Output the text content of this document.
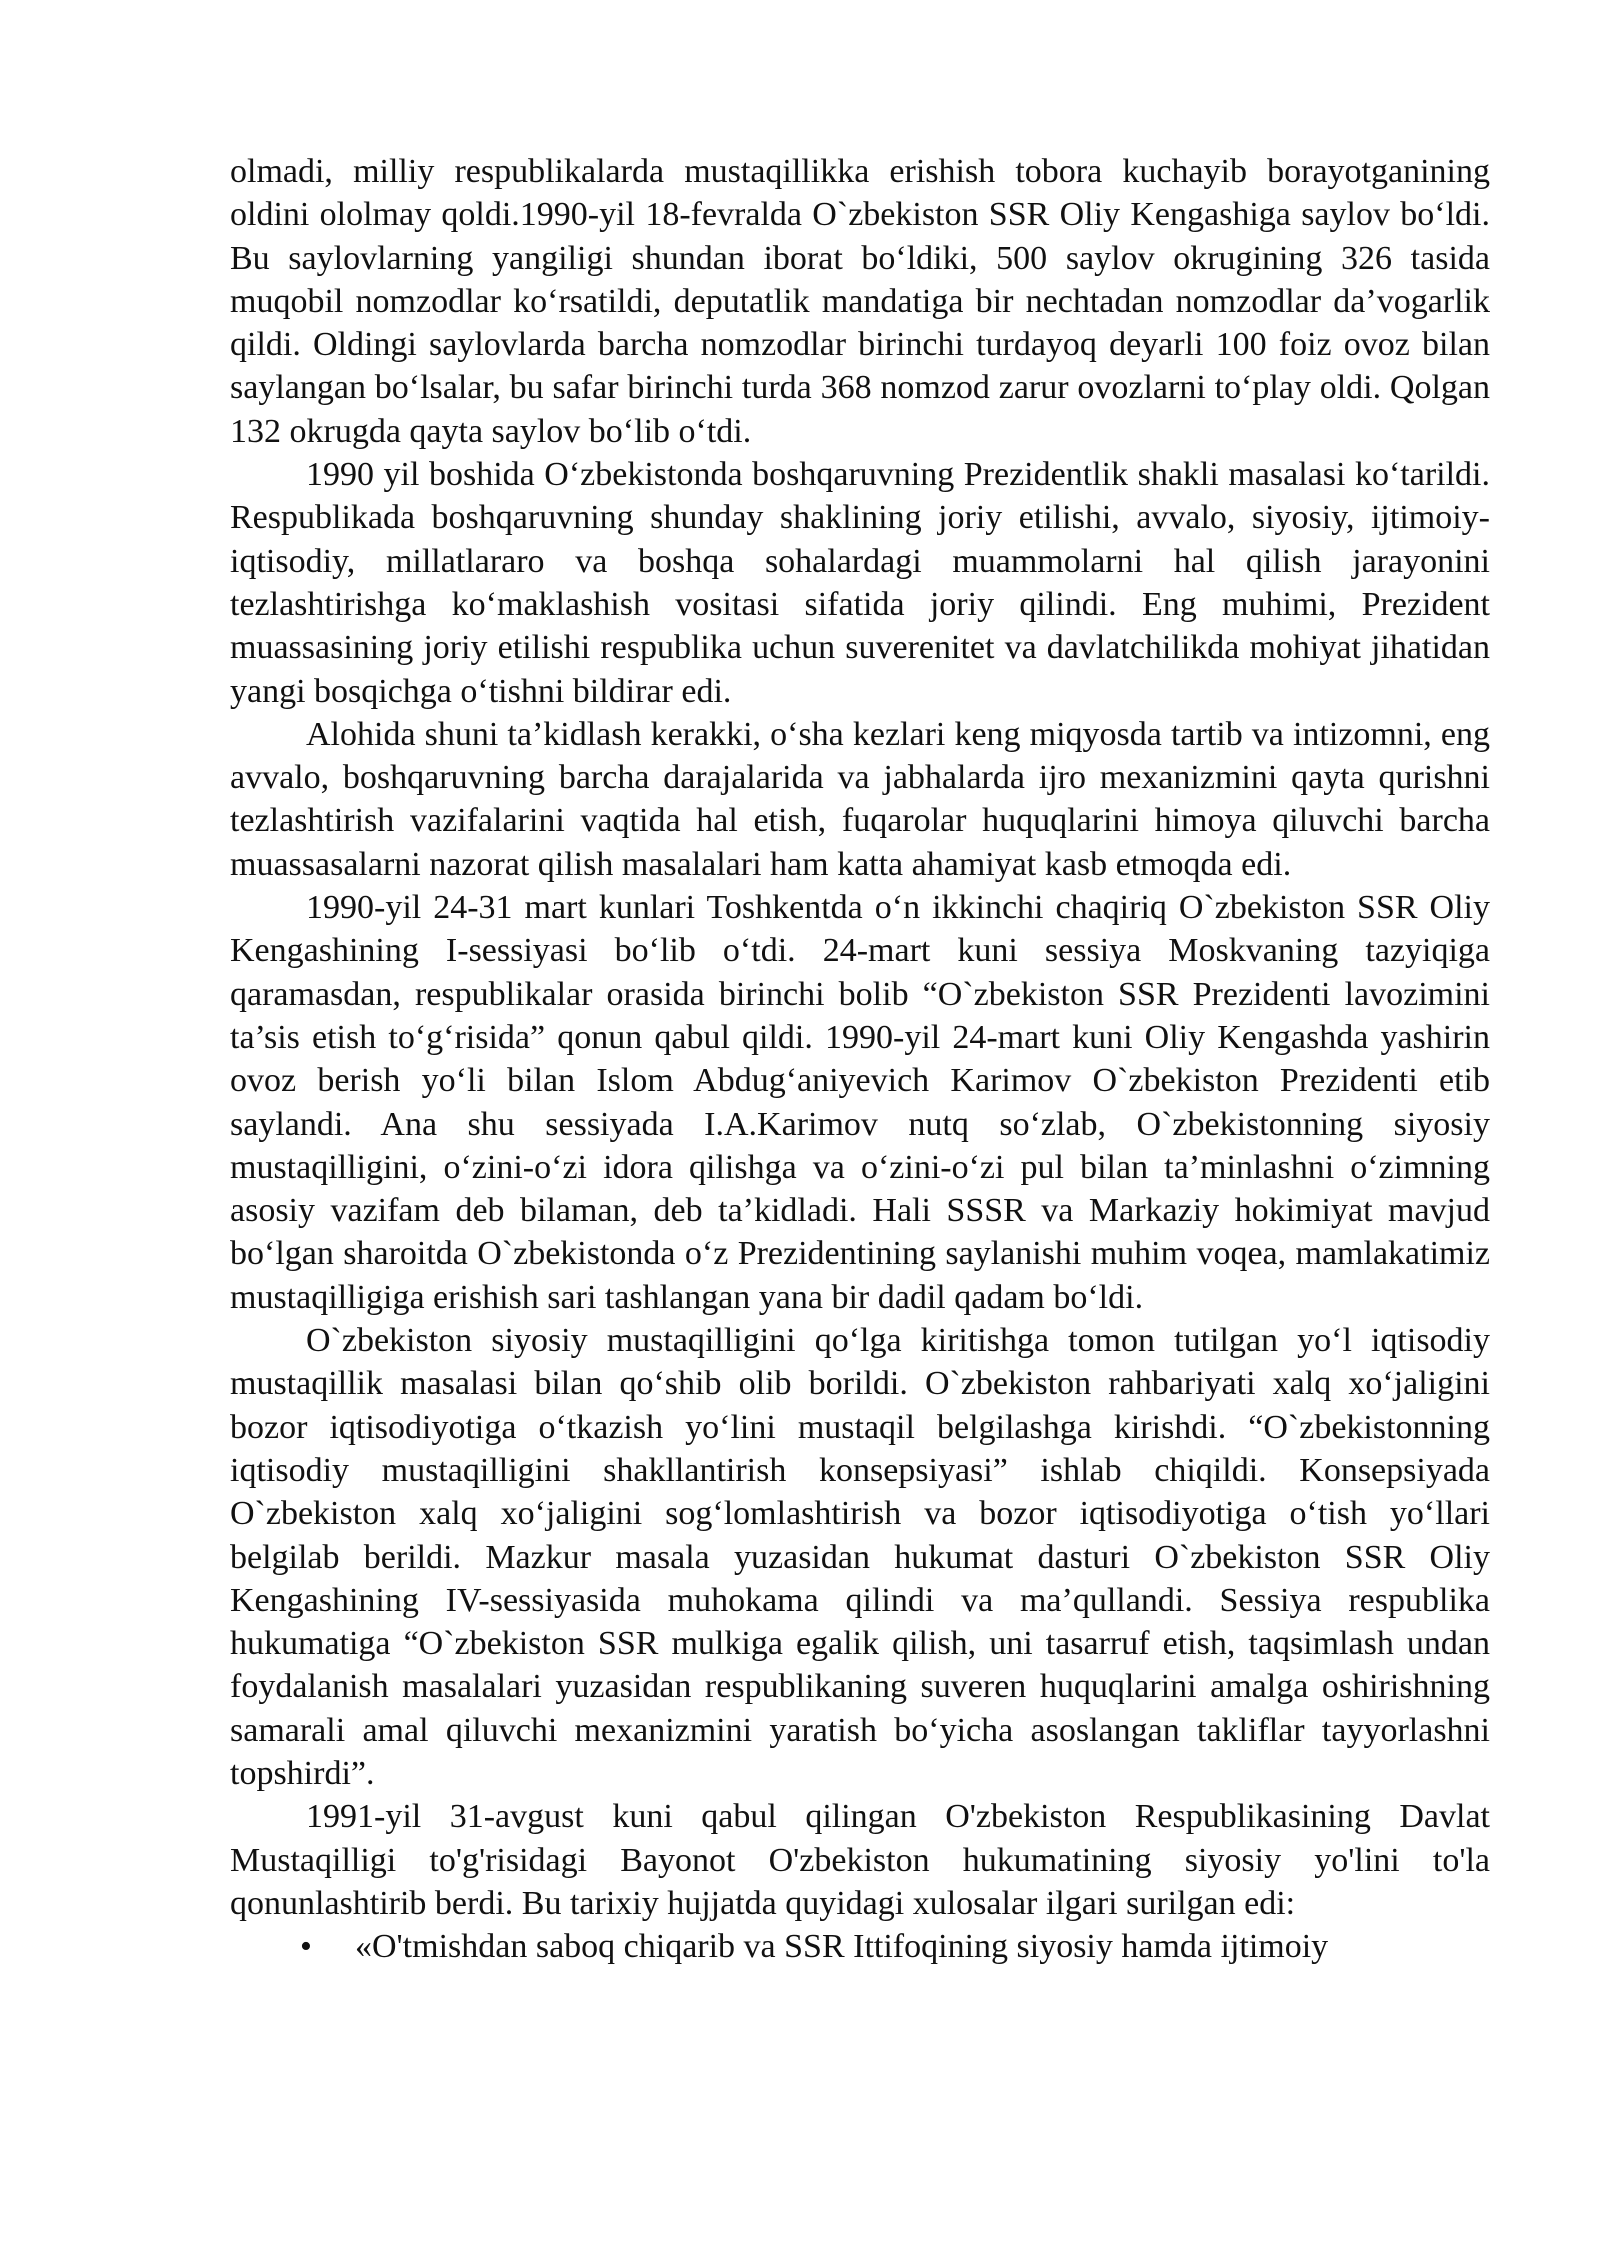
olmadi, milliy respublikalarda mustaqillikka erishish tobora kuchayib borayotganining oldini ololmay qoldi.1990-yil 18-fevralda O`zbekiston SSR Oliy Kengashiga saylov bo‘ldi. Bu saylovlarning yangiligi shundan iborat bo‘ldiki, 500 saylov okrugining 326 tasida muqobil nomzodlar ko‘rsatildi, deputatlik mandatiga bir nechtadan nomzodlar da’vogarlik qildi. Oldingi saylovlarda barcha nomzodlar birinchi turdayoq deyarli 100 foiz ovoz bilan saylangan bo‘lsalar, bu safar birinchi turda 368 nomzod zarur ovozlarni to‘play oldi. Qolgan 132 okrugda qayta saylov bo‘lib o‘tdi.

1990 yil boshida O‘zbekistonda boshqaruvning Prezidentlik shakli masalasi ko‘tarildi. Respublikada boshqaruvning shunday shaklining joriy etilishi, avvalo, siyosiy, ijtimoiy-iqtisodiy, millatlararo va boshqa sohalardagi muammolarni hal qilish jarayonini tezlashtirishga ko‘maklashish vositasi sifatida joriy qilindi. Eng muhimi, Prezident muassasining joriy etilishi respublika uchun suverenitet va davlatchilikda mohiyat jihatidan yangi bosqichga o‘tishni bildirar edi.

Alohida shuni ta’kidlash kerakki, o‘sha kezlari keng miqyosda tartib va intizomni, eng avvalo, boshqaruvning barcha darajalarida va jabhalarda ijro mexanizmini qayta qurishni tezlashtirish vazifalarini vaqtida hal etish, fuqarolar huquqlarini himoya qiluvchi barcha muassasalarni nazorat qilish masalalari ham katta ahamiyat kasb etmoqda edi.

1990-yil 24-31 mart kunlari Toshkentda o‘n ikkinchi chaqiriq O`zbekiston SSR Oliy Kengashining I-sessiyasi bo‘lib o‘tdi. 24-mart kuni sessiya Moskvaning tazyiqiga qaramasdan, respublikalar orasida birinchi bolib “O`zbekiston SSR Prezidenti lavozimini ta’sis etish to‘g‘risida” qonun qabul qildi. 1990-yil 24-mart kuni Oliy Kengashda yashirin ovoz berish yo‘li bilan Islom Abdug‘aniyevich Karimov O`zbekiston Prezidenti etib saylandi. Ana shu sessiyada I.A.Karimov nutq so‘zlab, O`zbekistonning siyosiy mustaqilligini, o‘zini-o‘zi idora qilishga va o‘zini-o‘zi pul bilan ta’minlashni o‘zimning asosiy vazifam deb bilaman, deb ta’kidladi. Hali SSSR va Markaziy hokimiyat mavjud bo‘lgan sharoitda O`zbekistonda o‘z Prezidentining saylanishi muhim voqea, mamlakatimiz mustaqilligiga erishish sari tashlangan yana bir dadil qadam bo‘ldi.

O`zbekiston siyosiy mustaqilligini qo‘lga kiritishga tomon tutilgan yo‘l iqtisodiy mustaqillik masalasi bilan qo‘shib olib borildi. O`zbekiston rahbariyati xalq xo‘jaligini bozor iqtisodiyotiga o‘tkazish yo‘lini mustaqil belgilashga kirishdi. “O`zbekistonning iqtisodiy mustaqilligini shakllantirish konsepsiyasi” ishlab chiqildi. Konsepsiyada O`zbekiston xalq xo‘jaligini sog‘lomlashtirish va bozor iqtisodiyotiga o‘tish yo‘llari belgilab berildi. Mazkur masala yuzasidan hukumat dasturi O`zbekiston SSR Oliy Kengashining IV-sessiyasida muhokama qilindi va ma’qullandi. Sessiya respublika hukumatiga “O`zbekiston SSR mulkiga egalik qilish, uni tasarruf etish, taqsimlash undan foydalanish masalalari yuzasidan respublikaning suveren huquqlarini amalga oshirishning samarali amal qiluvchi mexanizmini yaratish bo‘yicha asoslangan takliflar tayyorlashni topshirdi”.

1991-yil 31-avgust kuni qabul qilingan O'zbekiston Respublikasining Davlat Mustaqilligi to'g'risidagi Bayonot O'zbekiston hukumatining siyosiy yo'lini to'la qonunlashtirib berdi. Bu tarixiy hujjatda quyidagi xulosalar ilgari surilgan edi:

• «O'tmishdan saboq chiqarib va SSR Ittifoqining siyosiy hamda ijtimoiy
